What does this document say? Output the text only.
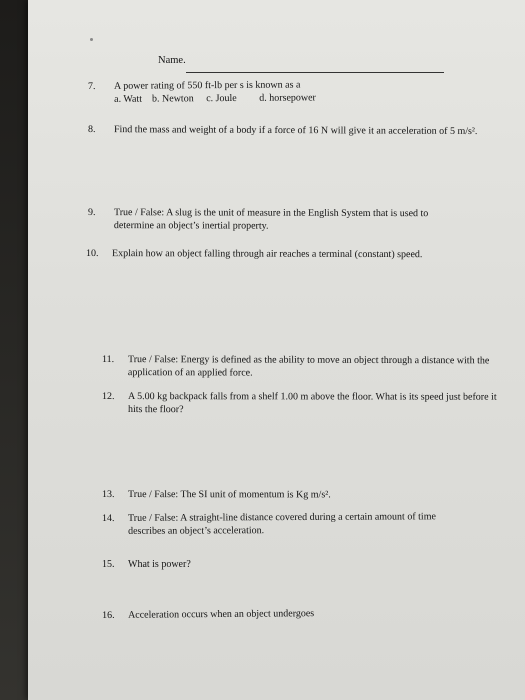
Name.
7. A power rating of 550 ft-lb per s is known as a
a. Watt    b. Newton     c. Joule         d. horsepower
8. Find the mass and weight of a body if a force of 16 N will give it an acceleration of 5 m/s².
9. True / False: A slug is the unit of measure in the English System that is used to
determine an object’s inertial property.
10. Explain how an object falling through air reaches a terminal (constant) speed.
11. True / False: Energy is defined as the ability to move an object through a distance with the
application of an applied force.
12. A 5.00 kg backpack falls from a shelf 1.00 m above the floor. What is its speed just before it
hits the floor?
13. True / False: The SI unit of momentum is Kg m/s².
14. True / False: A straight-line distance covered during a certain amount of time
describes an object’s acceleration.
15. What is power?
16. Acceleration occurs when an object undergoes
